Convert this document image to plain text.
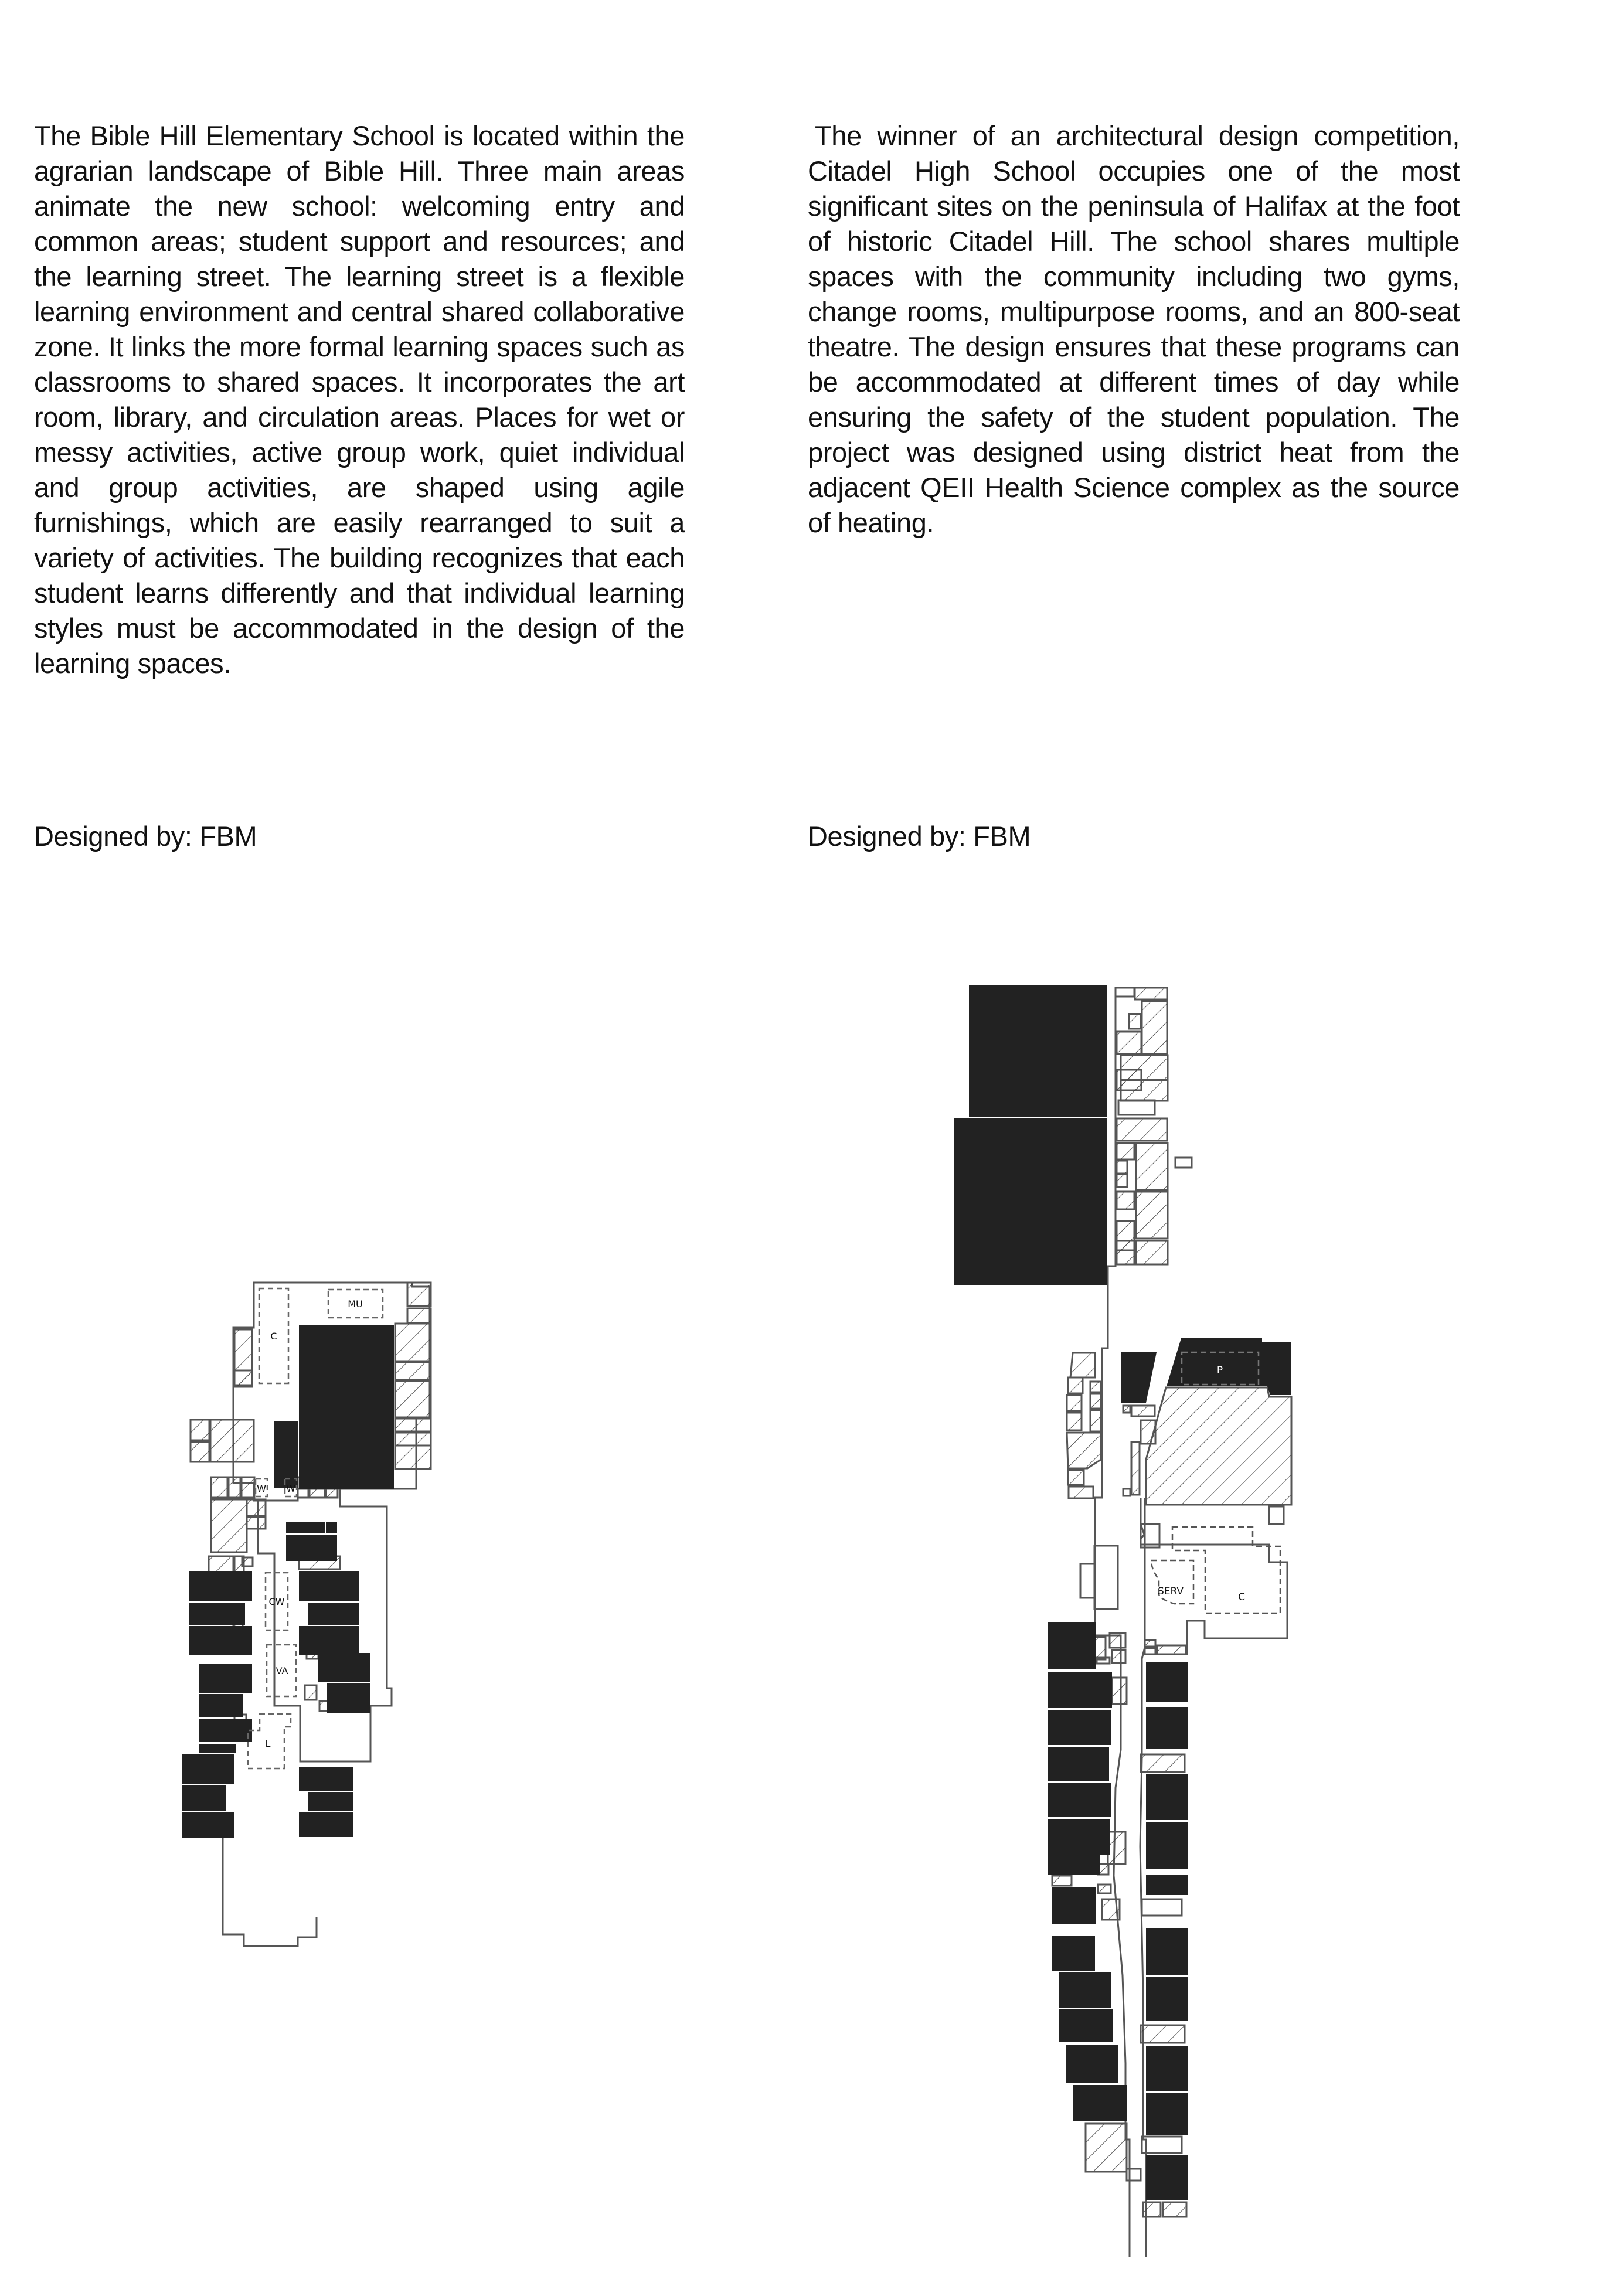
The Bible Hill Elementary School is located within the agrarian landscape of Bible Hill. Three main areas animate the new school: welcoming entry and common areas; student support and resources; and the learning street. The learning street is a flexible learning environment and central shared collaborative zone. It links the more formal learning spaces such as classrooms to shared spaces. It incorporates the art room, library, and circulation areas. Places for wet or messy activities, active group work, quiet individual and group activities, are shaped using agile furnishings, which are easily rearranged to suit a variety of activities. The building recognizes that each student learns differently and that individual learning styles must be accommodated in the design of the learning spaces.

The winner of an architectural design competition, Citadel High School occupies one of the most significant sites on the peninsula of Halifax at the foot of historic Citadel Hill. The school shares multiple spaces with the community including two gyms, change rooms, multipurpose rooms, and an 800-seat theatre. The design ensures that these programs can be accommodated at different times of day while ensuring the safety of the student population. The project was designed using district heat from the adjacent QEII Health Science complex as the source of heating.

Designed by: FBM	Designed by: FBM

MU
C
W W
CW
VA
L
P
SERV	C
